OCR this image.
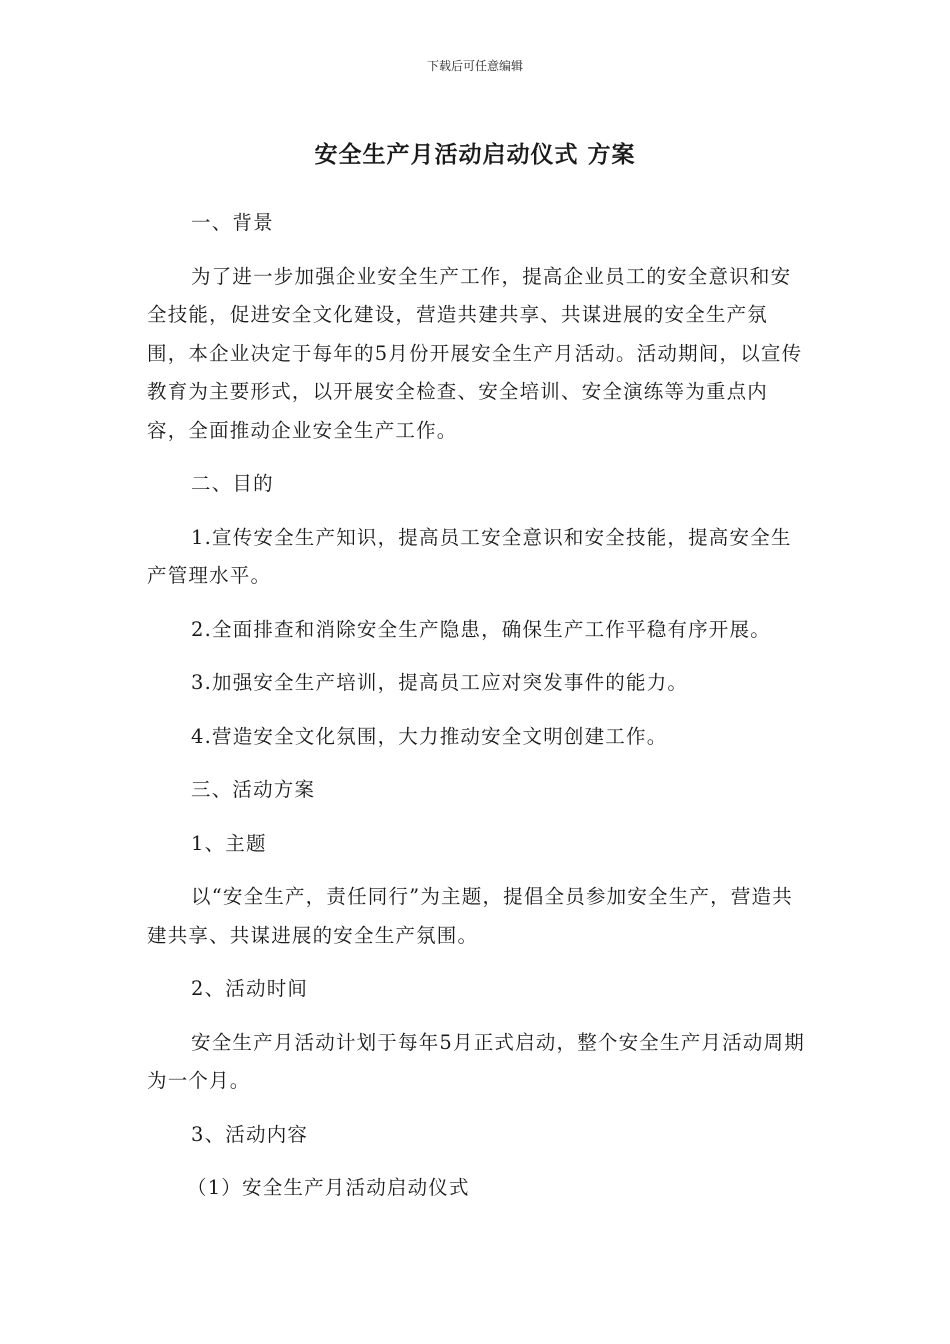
下载后可任意编辑
安全生产月活动启动仪式 方案

一、背景

为了进一步加强企业安全生产工作，提高企业员工的安全意识和安全技能，促进安全文化建设，营造共建共享、共谋进展的安全生产氛围，本企业决定于每年的5月份开展安全生产月活动。活动期间，以宣传教育为主要形式，以开展安全检查、安全培训、安全演练等为重点内容，全面推动企业安全生产工作。

二、目的

1.宣传安全生产知识，提高员工安全意识和安全技能，提高安全生产管理水平。

2.全面排查和消除安全生产隐患，确保生产工作平稳有序开展。

3.加强安全生产培训，提高员工应对突发事件的能力。

4.营造安全文化氛围，大力推动安全文明创建工作。

三、活动方案

1、主题

以“安全生产，责任同行”为主题，提倡全员参加安全生产，营造共建共享、共谋进展的安全生产氛围。

2、活动时间

安全生产月活动计划于每年5月正式启动，整个安全生产月活动周期为一个月。

3、活动内容

（1）安全生产月活动启动仪式
